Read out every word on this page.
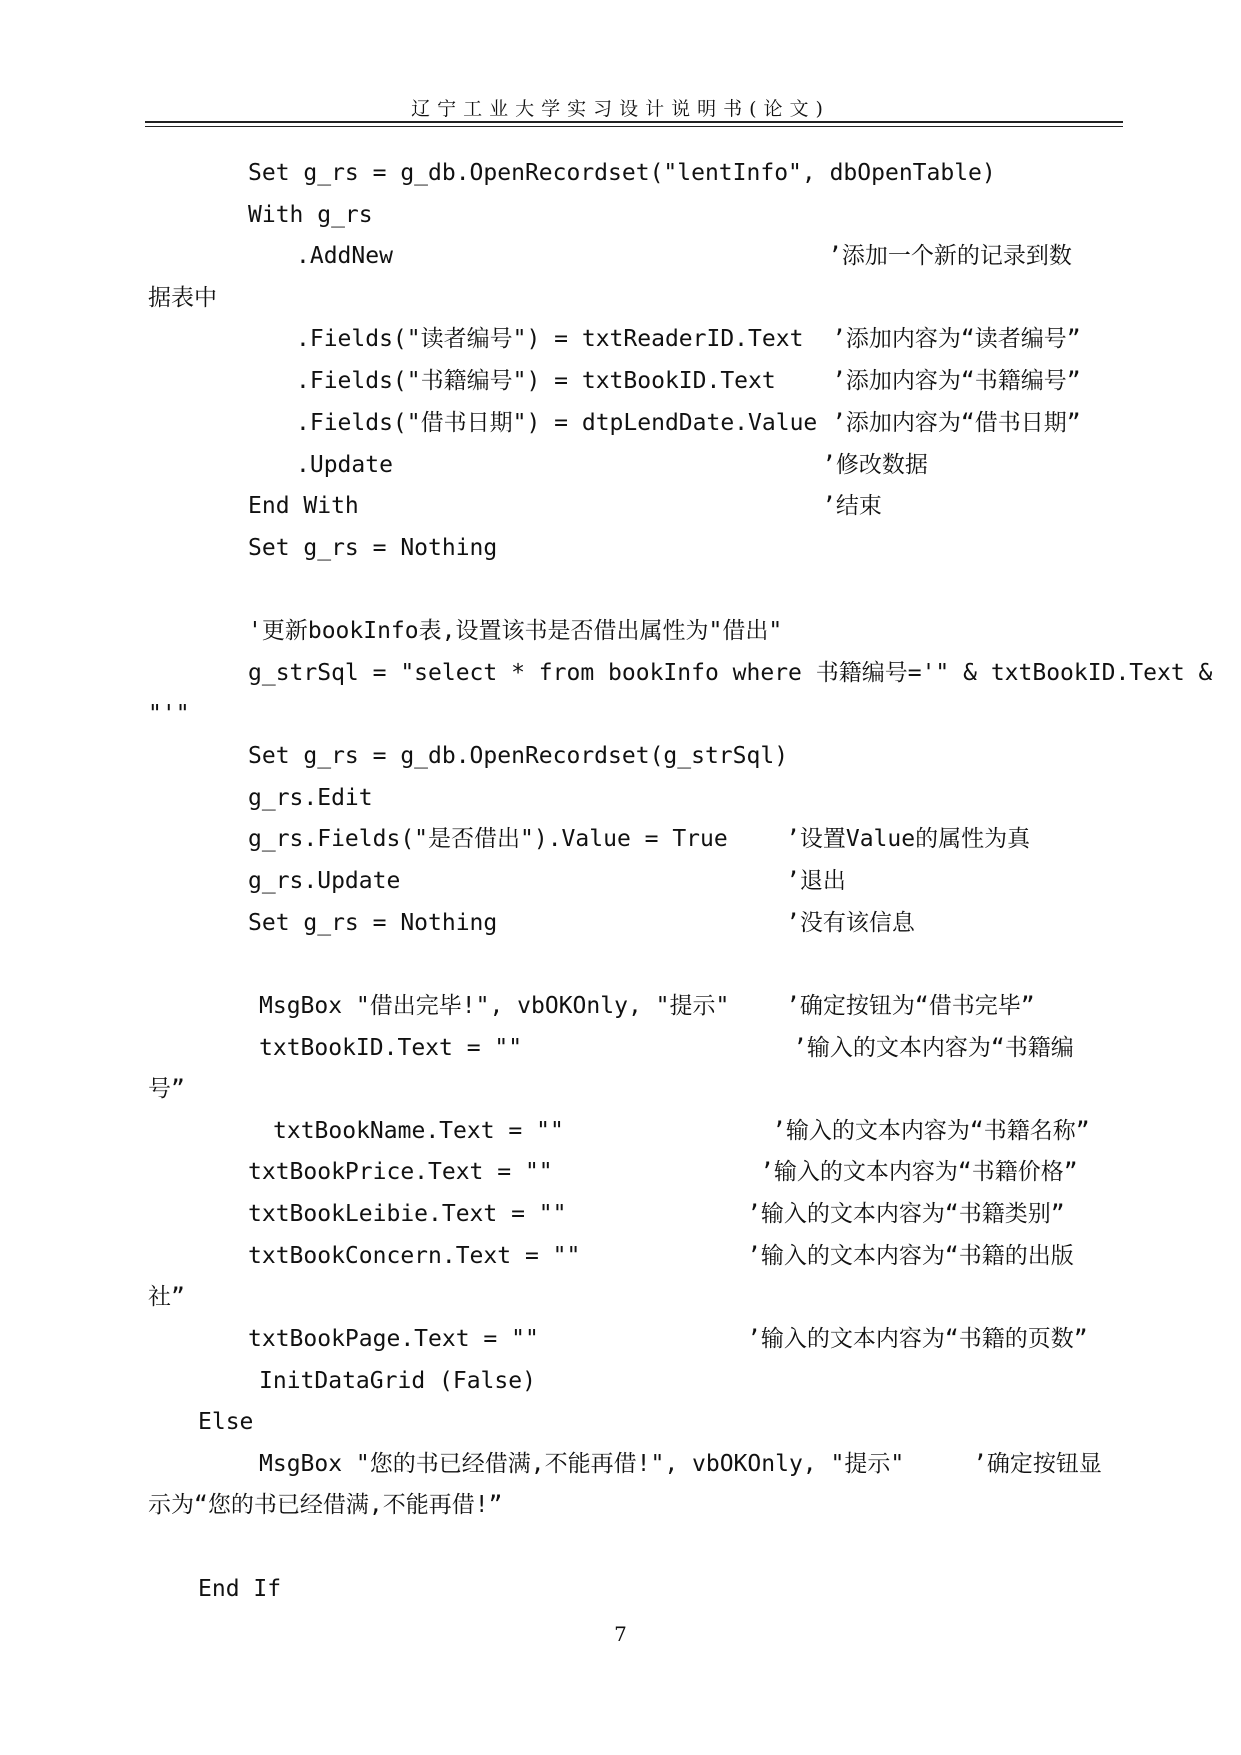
辽宁工业大学实习设计说明书(论文)
Set g_rs = g_db.OpenRecordset("lentInfo", dbOpenTable)
With g_rs
.AddNew	’添加一个新的记录到数
据表中
.Fields("读者编号") = txtReaderID.Text ’添加内容为“读者编号”
.Fields("书籍编号") = txtBookID.Text ’添加内容为“书籍编号”
.Fields("借书日期") = dtpLendDate.Value ’添加内容为“借书日期”
.Update	’修改数据
End With	’结束
Set g_rs = Nothing
'更新bookInfo表,设置该书是否借出属性为"借出"
g_strSql = "select * from bookInfo where 书籍编号='" & txtBookID.Text &
"'"
Set g_rs = g_db.OpenRecordset(g_strSql)
g_rs.Edit
g_rs.Fields("是否借出").Value = True	’设置Value的属性为真
g_rs.Update	’退出
Set g_rs = Nothing	’没有该信息
MsgBox "借出完毕!", vbOKOnly, "提示" ’确定按钮为“借书完毕”
txtBookID.Text = ""	’输入的文本内容为“书籍编
号”
txtBookName.Text = ""	’输入的文本内容为“书籍名称”
txtBookPrice.Text = ""	’输入的文本内容为“书籍价格”
txtBookLeibie.Text = ""	’输入的文本内容为“书籍类别”
txtBookConcern.Text = ""	’输入的文本内容为“书籍的出版
社”
txtBookPage.Text = ""	’输入的文本内容为“书籍的页数”
InitDataGrid (False)
Else
MsgBox "您的书已经借满,不能再借!", vbOKOnly, "提示"	’确定按钮显
示为“您的书已经借满,不能再借!”
End If
7
